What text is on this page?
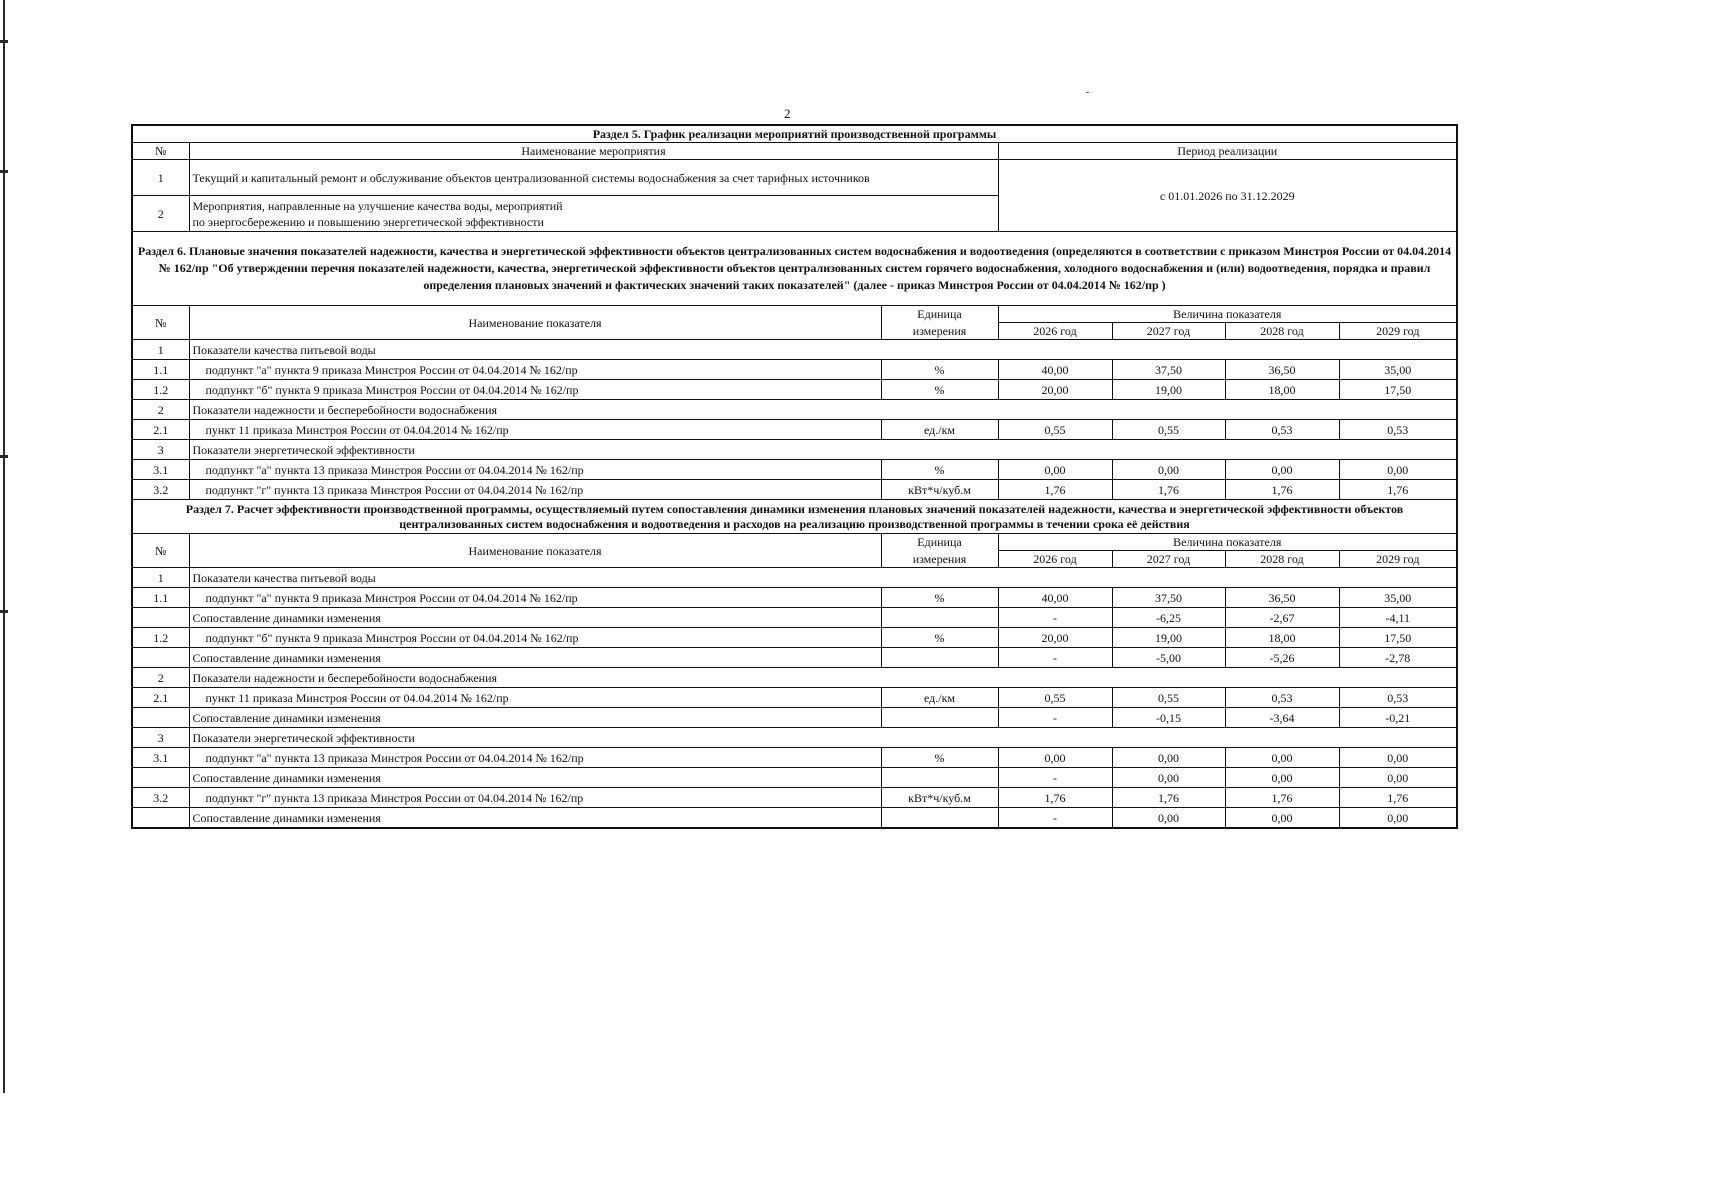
2
Раздел 5. График реализации мероприятий производственной программы						
№	Наименование мероприятия		Период реализации			
1	Текущий и капитальный ремонт и обслуживание объектов централизованной системы водоснабжения за счет тарифных источников		с 01.01.2026 по 31.12.2029			
2	Мероприятия, направленные на улучшение качества воды, мероприятий
по энергосбережению и повышению энергетической эффективности					

Раздел 6. Плановые значения показателей надежности, качества и энергетической эффективности объектов централизованных систем водоснабжения и водоотведения (определяются в соответствии с приказом Минстроя России от 04.04.2014 № 162/пр "Об утверждении перечня показателей надежности, качества, энергетической эффективности объектов централизованных систем горячего водоснабжения, холодного водоснабжения и (или) водоотведения, порядка и правил определения плановых значений и фактических значений таких показателей" (далее - приказ Минстроя России от 04.04.2014 № 162/пр )						
№	Наименование показателя	Единица	Величина показателя			
		измерения	2026 год	2027 год	2028 год	2029 год
1	Показатели качества питьевой воды					
1.1	подпункт "а" пункта 9 приказа Минстроя России от 04.04.2014 № 162/пр	%	40,00	37,50	36,50	35,00
1.2	подпункт "б" пункта 9 приказа Минстроя России от 04.04.2014 № 162/пр	%	20,00	19,00	18,00	17,50
2	Показатели надежности и бесперебойности водоснабжения					
2.1	пункт 11 приказа Минстроя России от 04.04.2014 № 162/пр	ед./км	0,55	0,55	0,53	0,53
3	Показатели энергетической эффективности					
3.1	подпункт "а" пункта 13 приказа Минстроя России от 04.04.2014 № 162/пр	%	0,00	0,00	0,00	0,00
3.2	подпункт "г" пункта 13 приказа Минстроя России от 04.04.2014 № 162/пр	кВт*ч/куб.м	1,76	1,76	1,76	1,76
Раздел 7. Расчет эффективности производственной программы, осуществляемый путем сопоставления динамики изменения плановых значений показателей надежности, качества и энергетической эффективности объектов централизованных систем водоснабжения и водоотведения и расходов на реализацию производственной программы в течении срока её действия						
№	Наименование показателя	Единица	Величина показателя			
		измерения	2026 год	2027 год	2028 год	2029 год
1	Показатели качества питьевой воды					
1.1	подпункт "а" пункта 9 приказа Минстроя России от 04.04.2014 № 162/пр	%	40,00	37,50	36,50	35,00
	Сопоставление динамики изменения		-	-6,25	-2,67	-4,11
1.2	подпункт "б" пункта 9 приказа Минстроя России от 04.04.2014 № 162/пр	%	20,00	19,00	18,00	17,50
	Сопоставление динамики изменения		-	-5,00	-5,26	-2,78
2	Показатели надежности и бесперебойности водоснабжения					
2.1	пункт 11 приказа Минстроя России от 04.04.2014 № 162/пр	ед./км	0,55	0,55	0,53	0,53
	Сопоставление динамики изменения		-	-0,15	-3,64	-0,21
3	Показатели энергетической эффективности					
3.1	подпункт "а" пункта 13 приказа Минстроя России от 04.04.2014 № 162/пр	%	0,00	0,00	0,00	0,00
	Сопоставление динамики изменения		-	0,00	0,00	0,00
3.2	подпункт "г" пункта 13 приказа Минстроя России от 04.04.2014 № 162/пр	кВт*ч/куб.м	1,76	1,76	1,76	1,76
	Сопоставление динамики изменения		-	0,00	0,00	0,00
